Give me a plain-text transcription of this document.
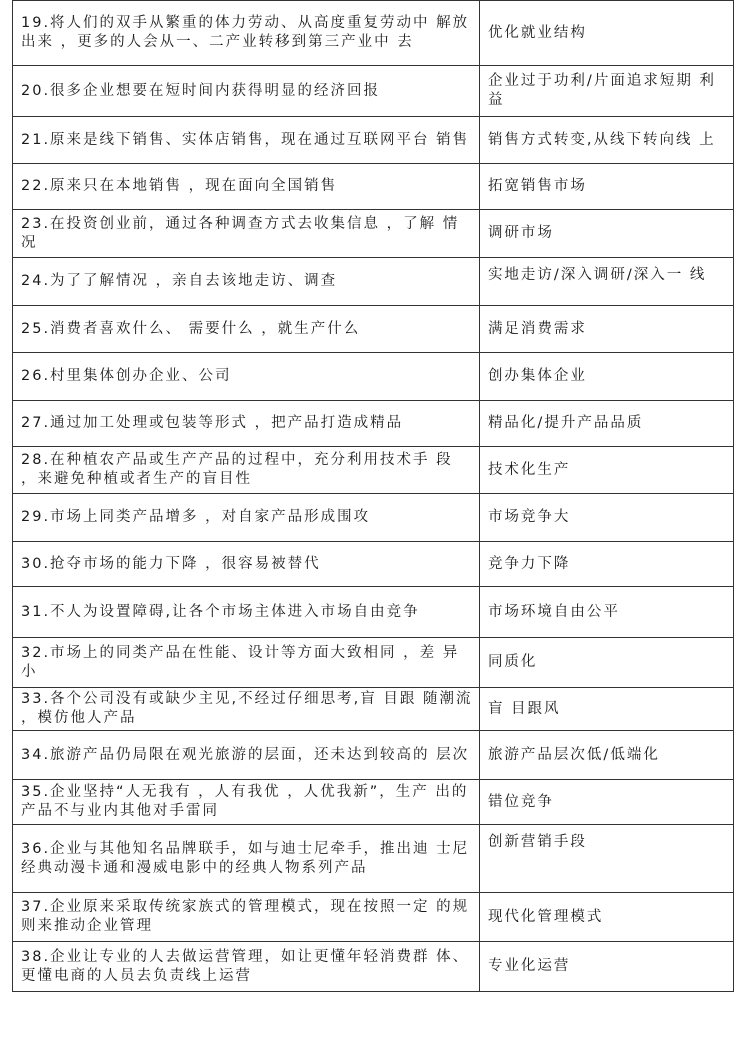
19.将人们的双手从繁重的体力劳动、从高度重复劳动中 解放出来 ，更多的人会从一、二产业转移到第三产业中 去	优化就业结构
20.很多企业想要在短时间内获得明显的经济回报	企业过于功利/片面追求短期 利益
21.原来是线下销售、实体店销售，现在通过互联网平台 销售	销售方式转变,从线下转向线 上
22.原来只在本地销售 ，现在面向全国销售	拓宽销售市场
23.在投资创业前，通过各种调查方式去收集信息 ，了解 情况	调研市场
24.为了了解情况 ，亲自去该地走访、调查	实地走访/深入调研/深入一 线
25.消费者喜欢什么、 需要什么 ，就生产什么	满足消费需求
26.村里集体创办企业、公司	创办集体企业
27.通过加工处理或包装等形式 ，把产品打造成精品	精品化/提升产品品质
28.在种植农产品或生产产品的过程中，充分利用技术手 段 ，来避免种植或者生产的盲目性	技术化生产
29.市场上同类产品增多 ，对自家产品形成围攻	市场竞争大
30.抢夺市场的能力下降 ，很容易被替代	竞争力下降
31.不人为设置障碍,让各个市场主体进入市场自由竞争	市场环境自由公平
32.市场上的同类产品在性能、设计等方面大致相同 ，差 异小	同质化
33.各个公司没有或缺少主见,不经过仔细思考,盲 目跟 随潮流 ，模仿他人产品	盲 目跟风
34.旅游产品仍局限在观光旅游的层面，还未达到较高的 层次	旅游产品层次低/低端化
35.企业坚持“人无我有 ，人有我优 ，人优我新”，生产 出的产品不与业内其他对手雷同	错位竞争
36.企业与其他知名品牌联手，如与迪士尼牵手，推出迪 士尼经典动漫卡通和漫威电影中的经典人物系列产品	创新营销手段
37.企业原来采取传统家族式的管理模式，现在按照一定 的规则来推动企业管理	现代化管理模式
38.企业让专业的人去做运营管理，如让更懂年轻消费群 体、更懂电商的人员去负责线上运营	专业化运营
